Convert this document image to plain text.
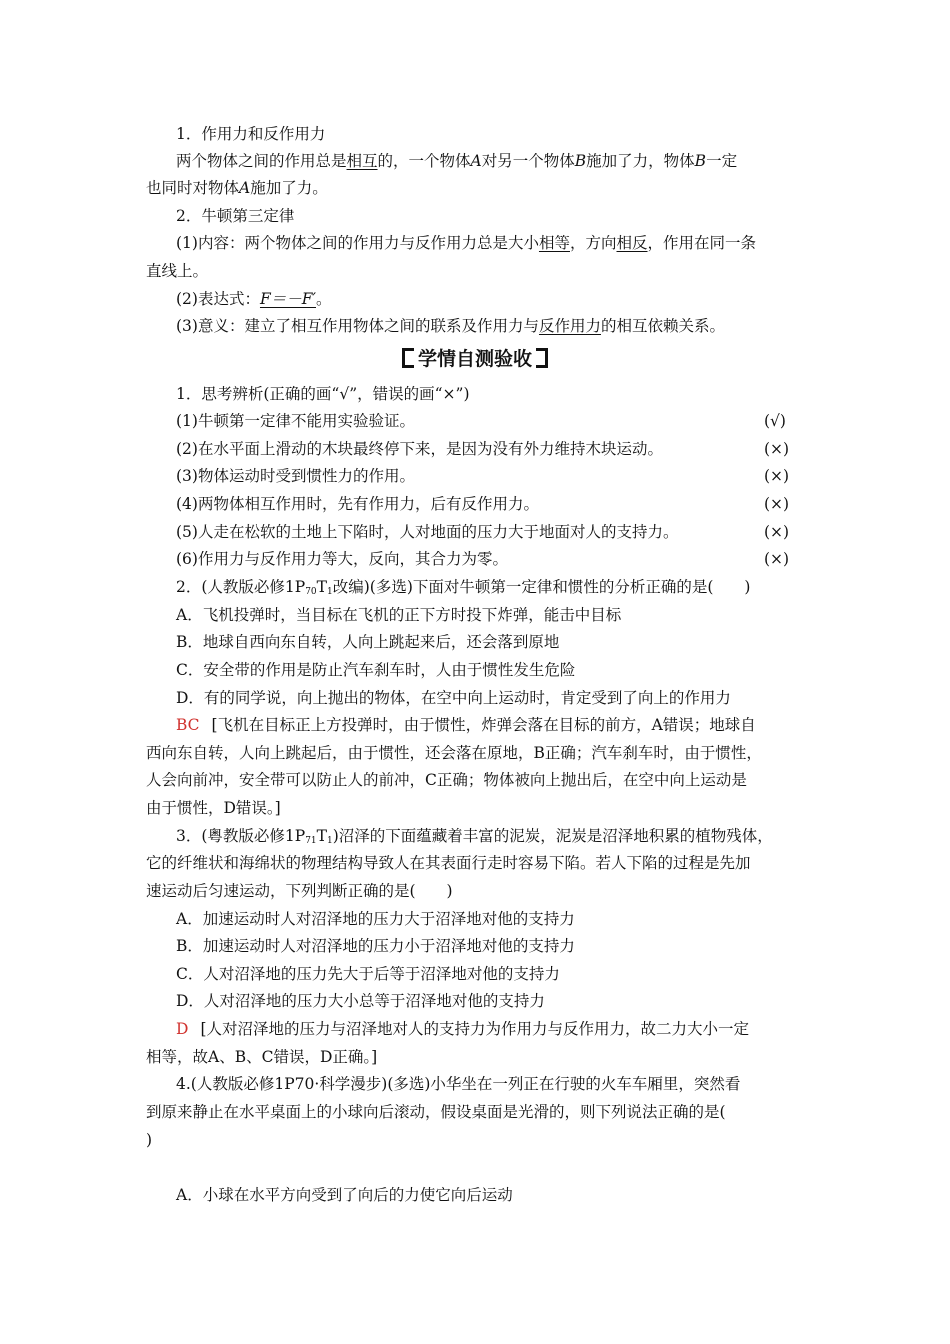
1．作用力和反作用力
两个物体之间的作用总是相互的，一个物体A对另一个物体B施加了力，物体B一定
也同时对物体A施加了力。
2．牛顿第三定律
(1)内容：两个物体之间的作用力与反作用力总是大小相等，方向相反，作用在同一条
直线上。
(2)表达式：F＝－F′。
(3)意义：建立了相互作用物体之间的联系及作用力与反作用力的相互依赖关系。
学情自测验收
1．思考辨析(正确的画“√”，错误的画“×”)
(1)牛顿第一定律不能用实验验证。	(√)
(2)在水平面上滑动的木块最终停下来，是因为没有外力维持木块运动。	(×)
(3)物体运动时受到惯性力的作用。	(×)
(4)两物体相互作用时，先有作用力，后有反作用力。	(×)
(5)人走在松软的土地上下陷时，人对地面的压力大于地面对人的支持力。	(×)
(6)作用力与反作用力等大，反向，其合力为零。	(×)
2．(人教版必修$1P_{70}T_1$改编)(多选)下面对牛顿第一定律和惯性的分析正确的是(　　)
A．飞机投弹时，当目标在飞机的正下方时投下炸弹，能击中目标
B．地球自西向东自转，人向上跳起来后，还会落到原地
C．安全带的作用是防止汽车刹车时，人由于惯性发生危险
D．有的同学说，向上抛出的物体，在空中向上运动时，肯定受到了向上的作用力
BC [飞机在目标正上方投弹时，由于惯性，炸弹会落在目标的前方，A错误；地球自
西向东自转，人向上跳起后，由于惯性，还会落在原地，B正确；汽车刹车时，由于惯性，
人会向前冲，安全带可以防止人的前冲，C正确；物体被向上抛出后，在空中向上运动是
由于惯性，D错误。]
3．(粤教版必修$1P_{71}T_1$)沼泽的下面蕴藏着丰富的泥炭，泥炭是沼泽地积累的植物残体，
它的纤维状和海绵状的物理结构导致人在其表面行走时容易下陷。若人下陷的过程是先加
速运动后匀速运动，下列判断正确的是(　　)
A．加速运动时人对沼泽地的压力大于沼泽地对他的支持力
B．加速运动时人对沼泽地的压力小于沼泽地对他的支持力
C．人对沼泽地的压力先大于后等于沼泽地对他的支持力
D．人对沼泽地的压力大小总等于沼泽地对他的支持力
D [人对沼泽地的压力与沼泽地对人的支持力为作用力与反作用力，故二力大小一定
相等，故A、B、C错误，D正确。]
4.(人教版必修1P70·科学漫步)(多选)小华坐在一列正在行驶的火车车厢里，突然看
到原来静止在水平桌面上的小球向后滚动，假设桌面是光滑的，则下列说法正确的是(
)
A．小球在水平方向受到了向后的力使它向后运动
